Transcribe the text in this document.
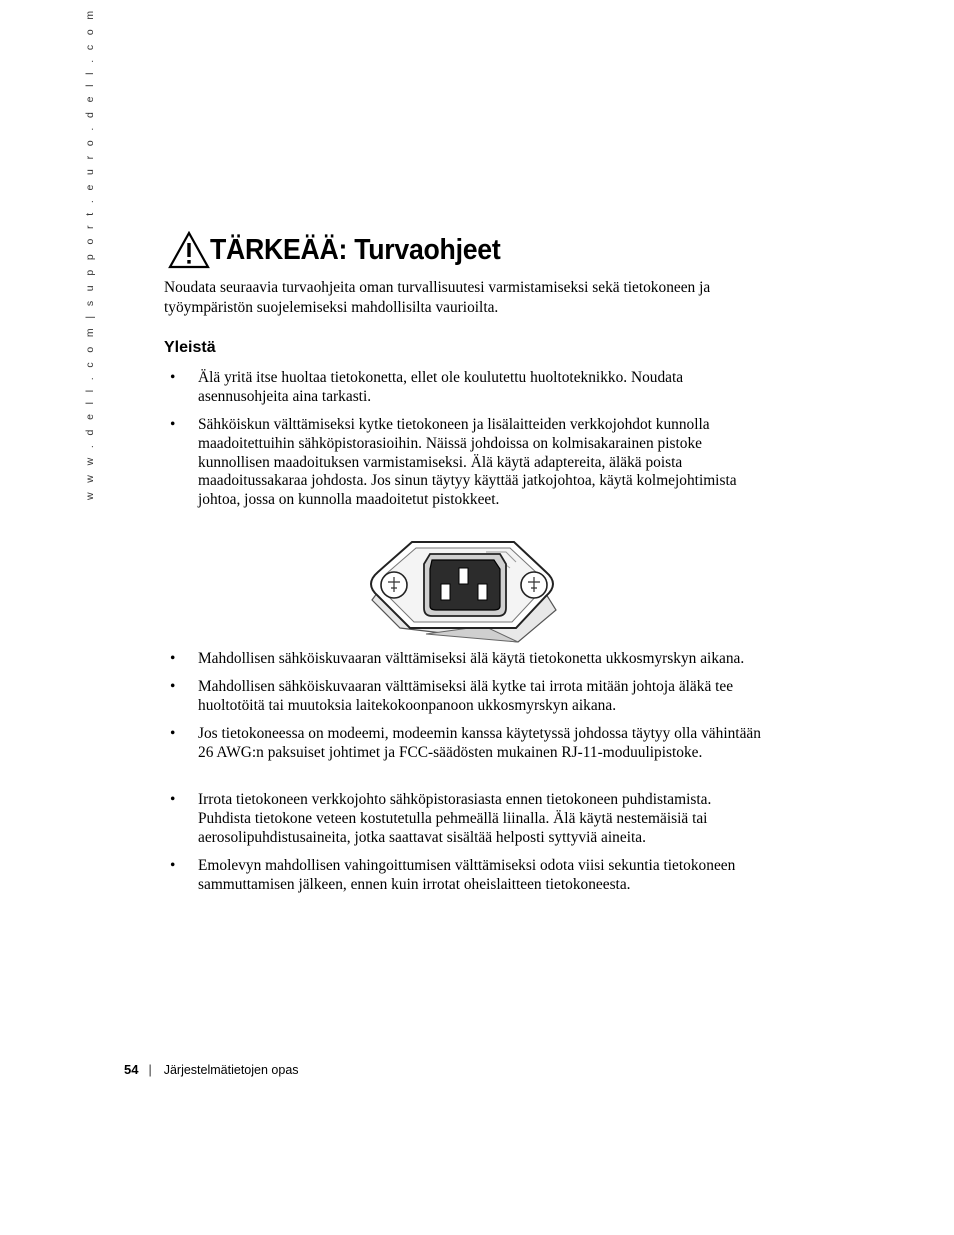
w w w . d e l l . c o m | s u p p o r t . e u r o . d e l l . c o m	TÄRKEÄÄ: Turvaohjeet

Noudata seuraavia turvaohjeita oman turvallisuutesi varmistamiseksi sekä tietokoneen ja työympäristön suojelemiseksi mahdollisilta vaurioilta.

Yleistä
• Älä yritä itse huoltaa tietokonetta, ellet ole koulutettu huoltoteknikko. Noudata asennusohjeita aina tarkasti.
• Sähköiskun välttämiseksi kytke tietokoneen ja lisälaitteiden verkkojohdot kunnolla maadoitettuihin sähköpistorasioihin. Näissä johdoissa on kolmisakarainen pistoke kunnollisen maadoituksen varmistamiseksi. Älä käytä adaptereita, äläkä poista maadoitussakaraa johdosta. Jos sinun täytyy käyttää jatkojohtoa, käytä kolmejohtimista johtoa, jossa on kunnolla maadoitetut pistokkeet.
• Mahdollisen sähköiskuvaaran välttämiseksi älä käytä tietokonetta ukkosmyrskyn aikana.
• Mahdollisen sähköiskuvaaran välttämiseksi älä kytke tai irrota mitään johtoja äläkä tee huoltotöitä tai muutoksia laitekokoonpanoon ukkosmyrskyn aikana.
• Jos tietokoneessa on modeemi, modeemin kanssa käytetyssä johdossa täytyy olla vähintään 26 AWG:n paksuiset johtimet ja FCC-säädösten mukainen RJ-11-moduulipistoke.
• Irrota tietokoneen verkkojohto sähköpistorasiasta ennen tietokoneen puhdistamista. Puhdista tietokone veteen kostutetulla pehmeällä liinalla. Älä käytä nestemäisiä tai aerosolipuhdistusaineita, jotka saattavat sisältää helposti syttyviä aineita.
• Emolevyn mahdollisen vahingoittumisen välttämiseksi odota viisi sekuntia tietokoneen sammuttamisen jälkeen, ennen kuin irrotat oheislaitteen tietokoneesta.
54 | Järjestelmätietojen opas
